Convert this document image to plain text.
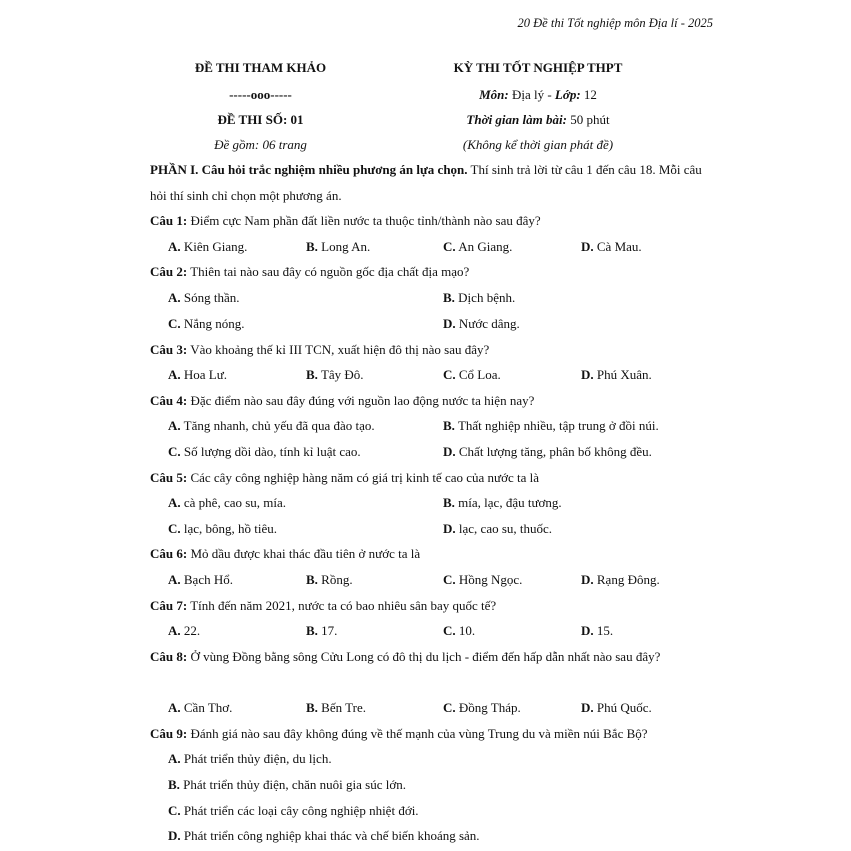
20 Đề thi Tốt nghiệp môn Địa lí - 2025
ĐỀ THI THAM KHẢO	KỲ THI TỐT NGHIỆP THPT
-----ooo-----	Môn: Địa lý - Lớp: 12
ĐỀ THI SỐ: 01	Thời gian làm bài: 50 phút
Đề gồm: 06 trang	(Không kể thời gian phát đề)
PHẦN I. Câu hỏi trắc nghiệm nhiều phương án lựa chọn. Thí sinh trả lời từ câu 1 đến câu 18. Mỗi câu hỏi thí sinh chỉ chọn một phương án.
Câu 1: Điểm cực Nam phần đất liền nước ta thuộc tỉnh/thành nào sau đây?
A. Kiên Giang.	B. Long An.	C. An Giang.	D. Cà Mau.
Câu 2: Thiên tai nào sau đây có nguồn gốc địa chất địa mạo?
A. Sóng thần.	B. Dịch bệnh.
C. Nắng nóng.	D. Nước dâng.
Câu 3: Vào khoảng thế kỉ III TCN, xuất hiện đô thị nào sau đây?
A. Hoa Lư.	B. Tây Đô.	C. Cổ Loa.	D. Phú Xuân.
Câu 4: Đặc điểm nào sau đây đúng với nguồn lao động nước ta hiện nay?
A. Tăng nhanh, chủ yếu đã qua đào tạo.	B. Thất nghiệp nhiều, tập trung ở đồi núi.
C. Số lượng dồi dào, tính kỉ luật cao.	D. Chất lượng tăng, phân bố không đều.
Câu 5: Các cây công nghiệp hàng năm có giá trị kinh tế cao của nước ta là
A. cà phê, cao su, mía.	B. mía, lạc, đậu tương.
C. lạc, bông, hồ tiêu.	D. lạc, cao su, thuốc.
Câu 6: Mỏ dầu được khai thác đầu tiên ở nước ta là
A. Bạch Hổ.	B. Rồng.	C. Hồng Ngọc.	D. Rạng Đông.
Câu 7: Tính đến năm 2021, nước ta có bao nhiêu sân bay quốc tế?
A. 22.	B. 17.	C. 10.	D. 15.
Câu 8: Ở vùng Đồng bằng sông Cửu Long có đô thị du lịch - điểm đến hấp dẫn nhất nào sau đây?
A. Cần Thơ.	B. Bến Tre.	C. Đồng Tháp.	D. Phú Quốc.
Câu 9: Đánh giá nào sau đây không đúng về thế mạnh của vùng Trung du và miền núi Bắc Bộ?
A. Phát triển thủy điện, du lịch.
B. Phát triển thủy điện, chăn nuôi gia súc lớn.
C. Phát triển các loại cây công nghiệp nhiệt đới.
D. Phát triển công nghiệp khai thác và chế biến khoáng sản.
